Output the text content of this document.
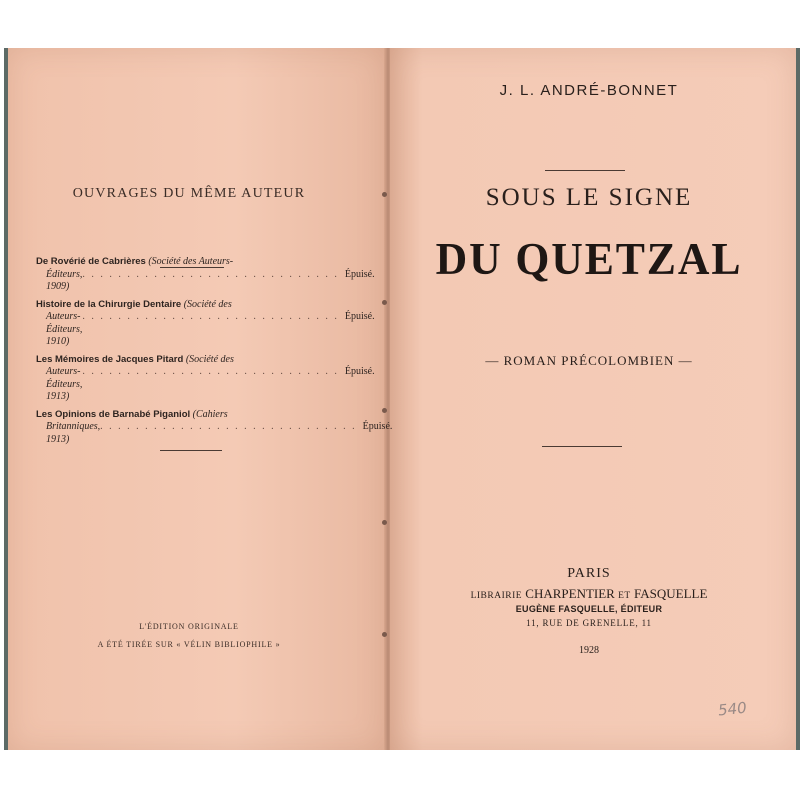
OUVRAGES DU MÊME AUTEUR
De Rovérié de Cabrières (Société des Auteurs-
Éditeurs, 1909)
. . . . . . . . . . . . . . . . . . . . . . . . . . . . . Épuisé.
Histoire de la Chirurgie Dentaire (Société des
Auteurs-Éditeurs, 1910)
. . . . . . . . . . . . . . . . . . . . . . . . . . . . . Épuisé.
Les Mémoires de Jacques Pitard (Société des
Auteurs-Éditeurs, 1913)
. . . . . . . . . . . . . . . . . . . . . . . . . . . . . Épuisé.
Les Opinions de Barnabé Piganiol (Cahiers
Britanniques, 1913)
. . . . . . . . . . . . . . . . . . . . . . . . . . . . . Épuisé.
L'ÉDITION ORIGINALE
A ÉTÉ TIRÉE SUR « VÉLIN BIBLIOPHILE »
J. L. ANDRÉ-BONNET
SOUS LE SIGNE
DU QUETZAL
— ROMAN PRÉCOLOMBIEN —
PARIS
LIBRAIRIE CHARPENTIER ET FASQUELLE
EUGÈNE FASQUELLE, ÉDITEUR
11, RUE DE GRENELLE, 11
1928
540
